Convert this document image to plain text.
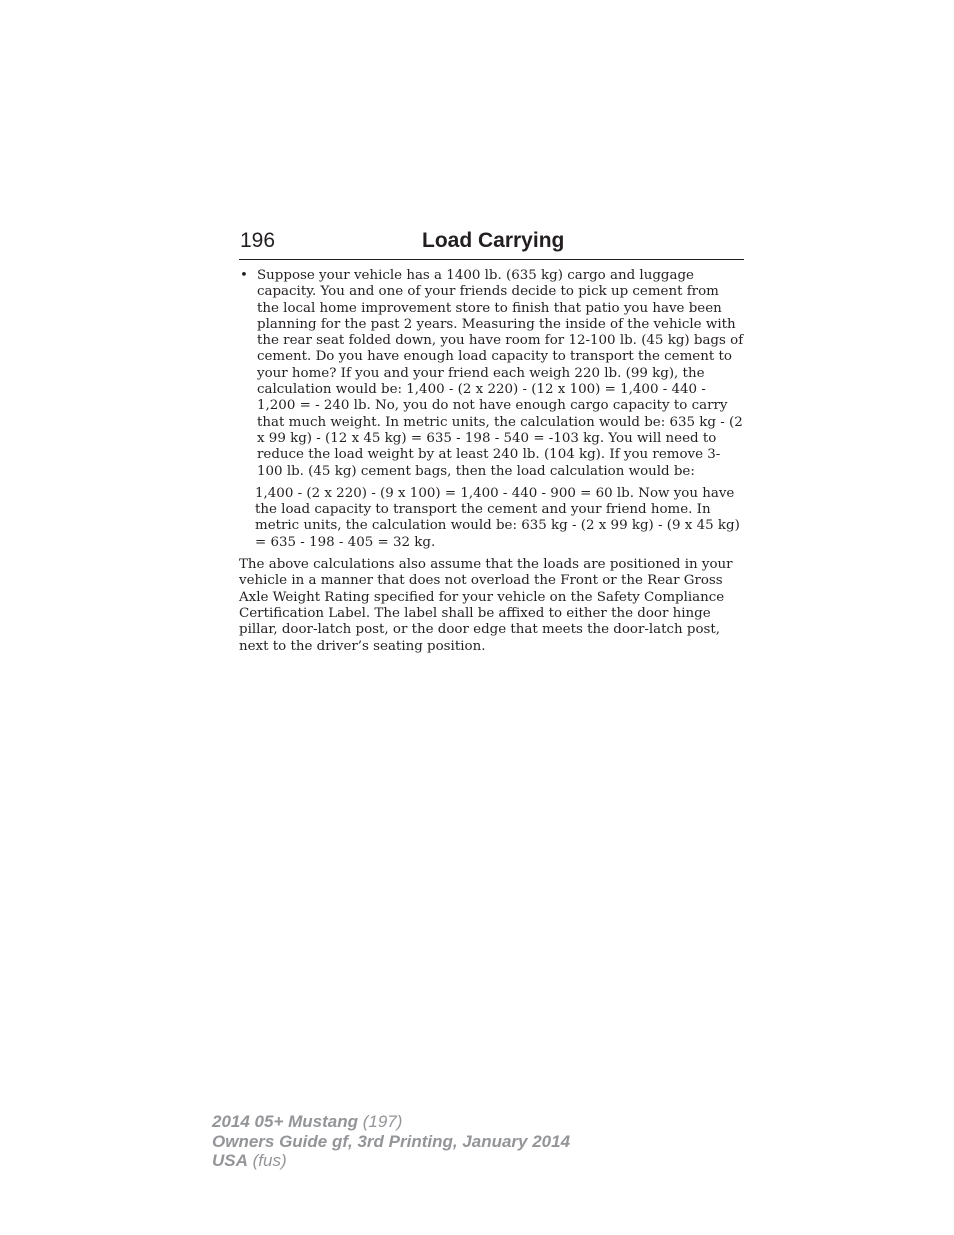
196	Load Carrying
• Suppose your vehicle has a 1400 lb. (635 kg) cargo and luggage capacity. You and one of your friends decide to pick up cement from the local home improvement store to finish that patio you have been planning for the past 2 years. Measuring the inside of the vehicle with the rear seat folded down, you have room for 12-100 lb. (45 kg) bags of cement. Do you have enough load capacity to transport the cement to your home? If you and your friend each weigh 220 lb. (99 kg), the calculation would be: 1,400 - (2 x 220) - (12 x 100) = 1,400 - 440 - 1,200 = - 240 lb. No, you do not have enough cargo capacity to carry that much weight. In metric units, the calculation would be: 635 kg - (2 x 99 kg) - (12 x 45 kg) = 635 - 198 - 540 = -103 kg. You will need to reduce the load weight by at least 240 lb. (104 kg). If you remove 3-100 lb. (45 kg) cement bags, then the load calculation would be:

1,400 - (2 x 220) - (9 x 100) = 1,400 - 440 - 900 = 60 lb. Now you have the load capacity to transport the cement and your friend home. In metric units, the calculation would be: 635 kg - (2 x 99 kg) - (9 x 45 kg) = 635 - 198 - 405 = 32 kg.

The above calculations also assume that the loads are positioned in your vehicle in a manner that does not overload the Front or the Rear Gross Axle Weight Rating specified for your vehicle on the Safety Compliance Certification Label. The label shall be affixed to either the door hinge pillar, door-latch post, or the door edge that meets the door-latch post, next to the driver’s seating position.

2014 05+ Mustang (197)
Owners Guide gf, 3rd Printing, January 2014
USA (fus)
